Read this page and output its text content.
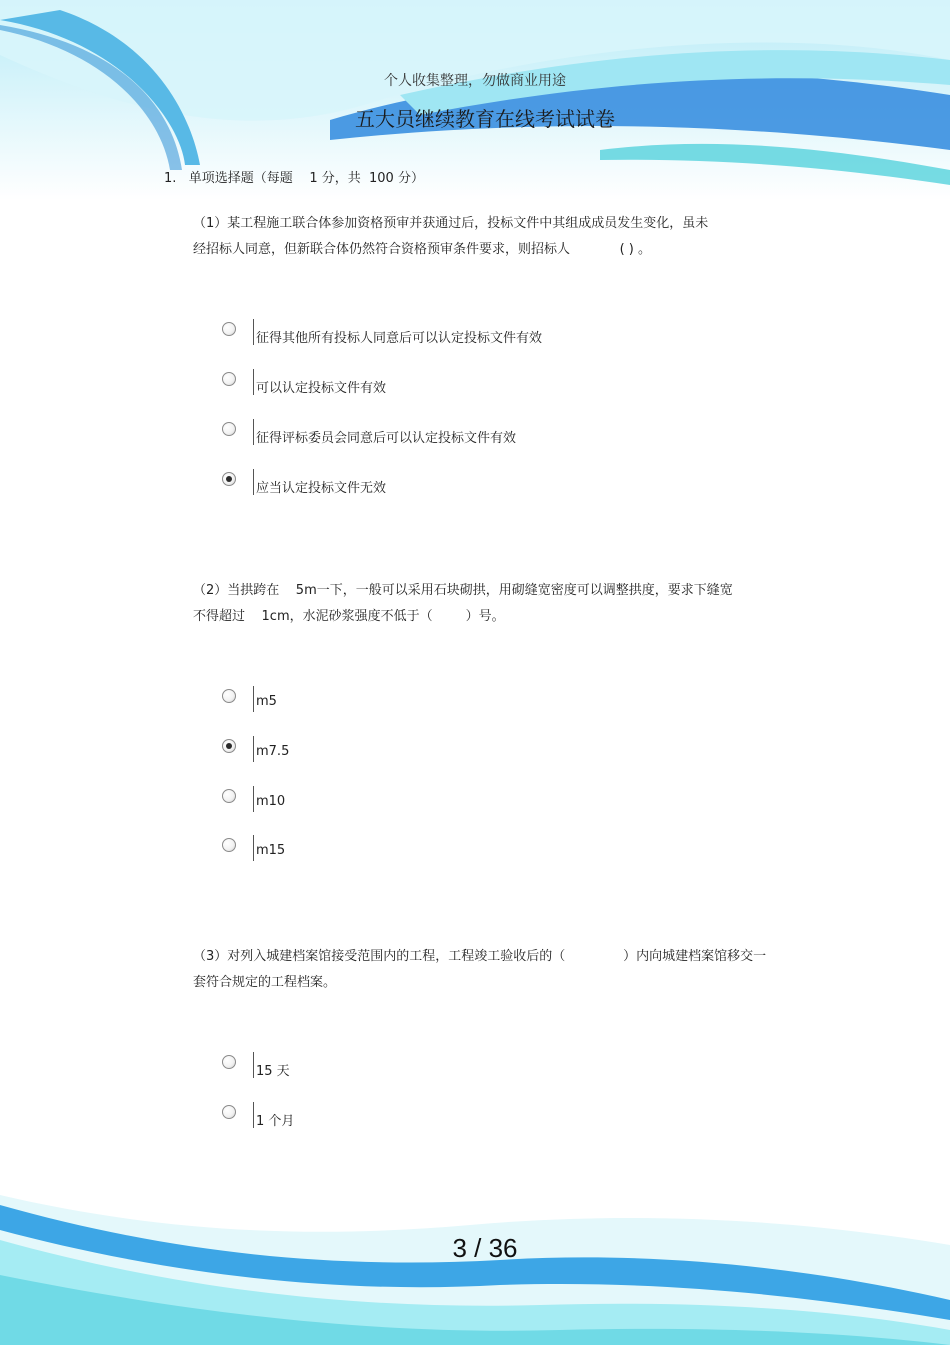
个人收集整理，勿做商业用途
五大员继续教育在线考试试卷
1.   单项选择题（每题    1 分，共  100 分）
（1）某工程施工联合体参加资格预审并获通过后，投标文件中其组成成员发生变化，虽未
经招标人同意，但新联合体仍然符合资格预审条件要求，则招标人            ( ) 。
征得其他所有投标人同意后可以认定投标文件有效
可以认定投标文件有效
征得评标委员会同意后可以认定投标文件有效
应当认定投标文件无效
（2）当拱跨在    5m一下，一般可以采用石块砌拱，用砌缝宽密度可以调整拱度，要求下缝宽
不得超过    1cm，水泥砂浆强度不低于（        ）号。
m5
m7.5
m10
m15
（3）对列入城建档案馆接受范围内的工程，工程竣工验收后的（              ）内向城建档案馆移交一
套符合规定的工程档案。
15 天
1 个月
3 / 36
